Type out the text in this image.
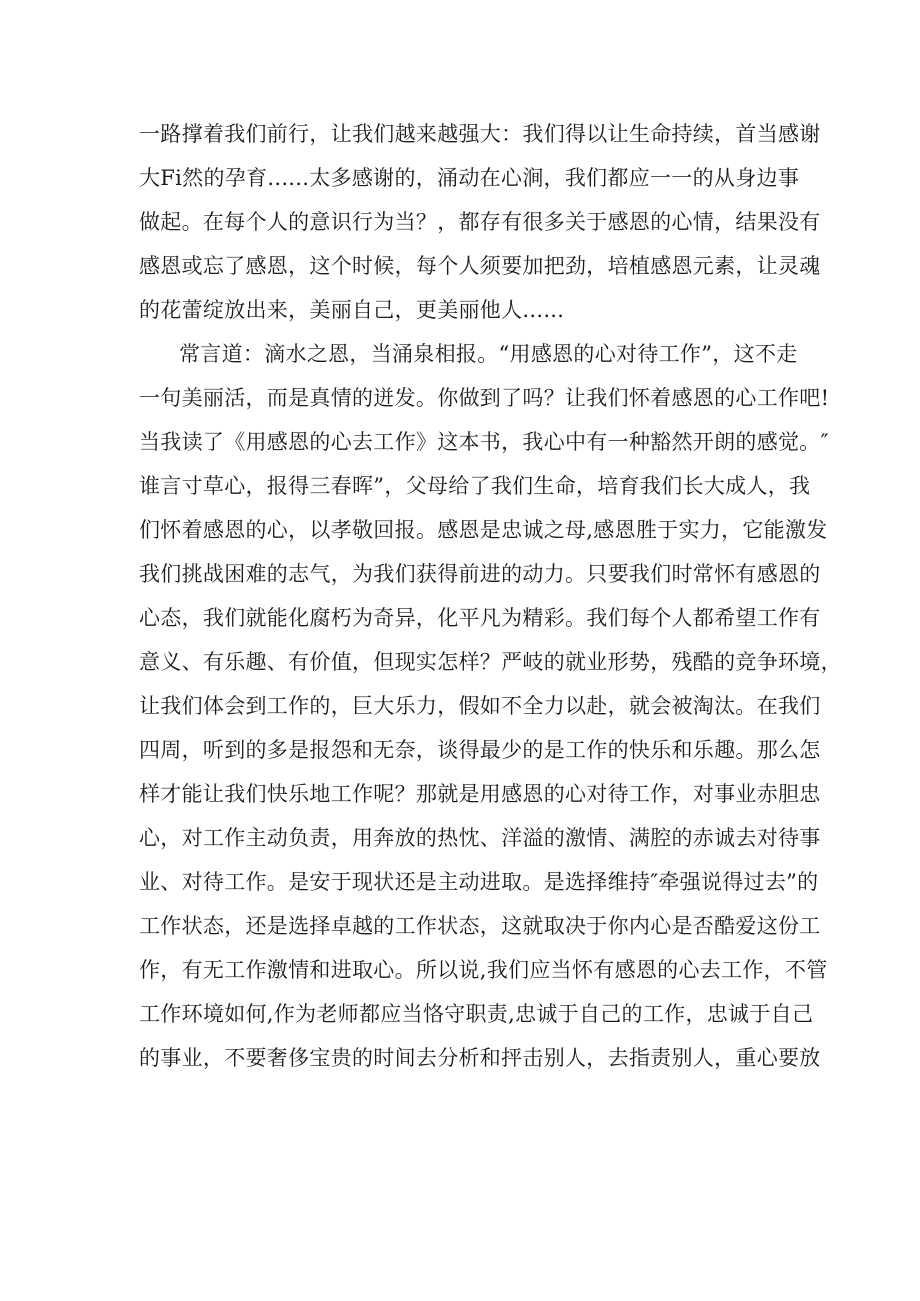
一路撑着我们前行，让我们越来越强大：我们得以让生命持续，首当感谢
大Fi然的孕育......太多感谢的，涌动在心涧，我们都应一一的从身边事
做起。在每个人的意识行为当？，都存有很多关于感恩的心情，结果没有
感恩或忘了感恩，这个时候，每个人须要加把劲，培植感恩元素，让灵魂
的花蕾绽放出来，美丽自己，更美丽他人......
常言道：滴水之恩，当涌泉相报。“用感恩的心对待工作”，这不走
一句美丽活，而是真情的迸发。你做到了吗？让我们怀着感恩的心工作吧!
当我读了《用感恩的心去工作》这本书，我心中有一种豁然开朗的感觉。″
谁言寸草心，报得三春晖”，父母给了我们生命，培育我们长大成人，我
们怀着感恩的心，以孝敬回报。感恩是忠诚之母,感恩胜于实力，它能激发
我们挑战困难的志气，为我们获得前进的动力。只要我们时常怀有感恩的
心态，我们就能化腐朽为奇异，化平凡为精彩。我们每个人都希望工作有
意义、有乐趣、有价值，但现实怎样？严岐的就业形势，残酷的竞争环境，
让我们体会到工作的，巨大乐力，假如不全力以赴，就会被淘汰。在我们
四周，听到的多是报怨和无奈，谈得最少的是工作的快乐和乐趣。那么怎
样才能让我们快乐地工作呢？那就是用感恩的心对待工作，对事业赤胆忠
心，对工作主动负责，用奔放的热忱、洋溢的激情、满腔的赤诚去对待事
业、对待工作。是安于现状还是主动进取。是选择维持″牵强说得过去”的
工作状态，还是选择卓越的工作状态，这就取决于你内心是否酷爱这份工
作，有无工作激情和进取心。所以说,我们应当怀有感恩的心去工作，不管
工作环境如何,作为老师都应当恪守职责,忠诚于自己的工作，忠诚于自己
的事业，不要奢侈宝贵的时间去分析和抨击别人，去指责别人，重心要放
